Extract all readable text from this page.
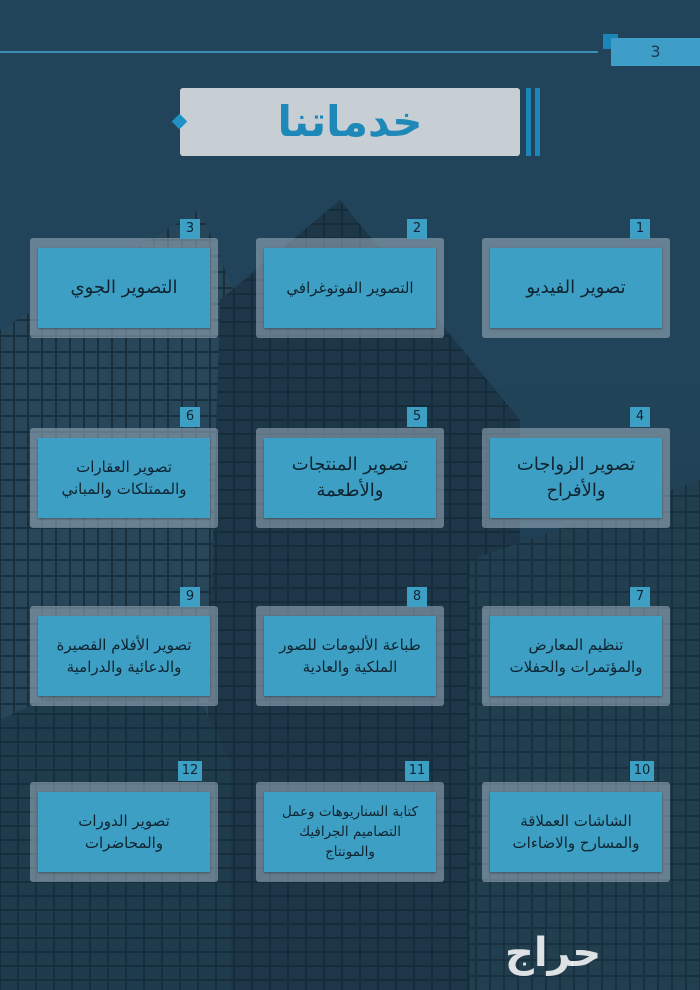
3
خدماتنا
تصوير الفيديو
1
التصوير الفوتوغرافي
2
التصوير الجوي
3
تصوير الزواجات
والأفراح
4
تصوير المنتجات
والأطعمة
5
تصوير العقارات
والممتلكات والمباني
6
تنظيم المعارض
والمؤتمرات والحفلات
7
طباعة الألبومات للصور
الملكية والعادية
8
تصوير الأفلام القصيرة
والدعائية والدرامية
9
الشاشات العملاقة
والمسارح والاضاءات
10
كتابة السناريوهات وعمل
التصاميم الجرافيك والمونتاج
11
تصوير الدورات
والمحاضرات
12
حراج
